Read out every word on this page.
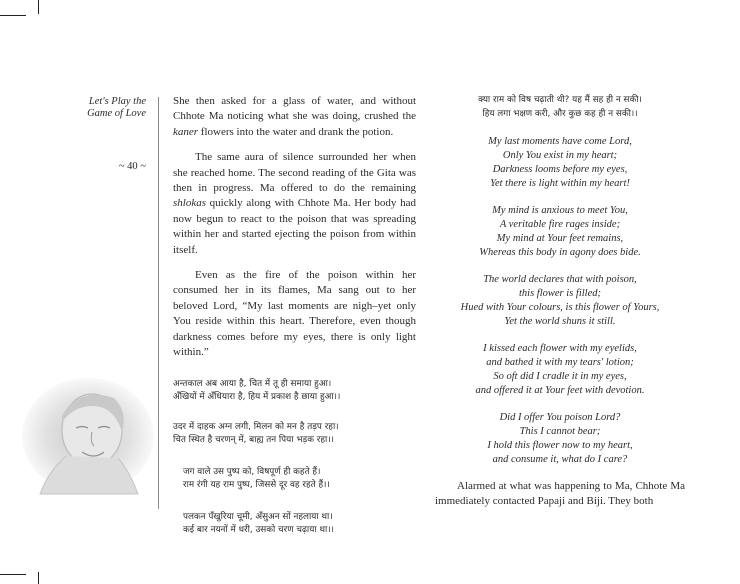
Let's Play the
Game of Love
~ 40 ~

She then asked for a glass of water, and without Chhote Ma noticing what she was doing, crushed the kaner flowers into the water and drank the potion.

The same aura of silence surrounded her when she reached home. The second reading of the Gita was then in progress. Ma offered to do the remaining shlokas quickly along with Chhote Ma. Her body had now begun to react to the poison that was spreading within her and started ejecting the poison from within itself.

Even as the fire of the poison within her consumed her in its flames, Ma sang out to her beloved Lord, “My last moments are nigh–yet only You reside within this heart. Therefore, even though darkness comes before my eyes, there is only light within.”

अन्तकाल अब आया है, चित में तू ही समाया हुआ।

अँखियों में अँधियारा है, हिय में प्रकाश है छाया हुआ।।

उदर में दाहक अग्न लगी, मिलन को मन है तड़प रहा।

चित स्थित है चरणन् में, बाह्य तन पिया भड़क रहा।।

जग वाले उस पुष्प को, विषपूर्ण ही कहते हैं।

राम रंगी यह राम पुष्प, जिससे दूर वह रहते हैं।।

पलकन पँखुरिया चूमी, अँसुअन सों नहलाया था।

कई बार नयनों में धरी, उसको चरण चढ़ाया था।।

क्या राम को विष चढ़ाती थी? यह मैं सह ही न सकी।

हिय लगा भक्षण करी, और कुछ कह ही न सकी।।

My last moments have come Lord,

Only You exist in my heart;

Darkness looms before my eyes,

Yet there is light within my heart!

My mind is anxious to meet You,

A veritable fire rages inside;

My mind at Your feet remains,

Whereas this body in agony does bide.

The world declares that with poison,

this flower is filled;

Hued with Your colours, is this flower of Yours,

Yet the world shuns it still.

I kissed each flower with my eyelids,

and bathed it with my tears' lotion;

So oft did I cradle it in my eyes,

and offered it at Your feet with devotion.

Did I offer You poison Lord?

This I cannot bear;

I hold this flower now to my heart,

and consume it, what do I care?

Alarmed at what was happening to Ma, Chhote Ma immediately contacted Papaji and Biji. They both
